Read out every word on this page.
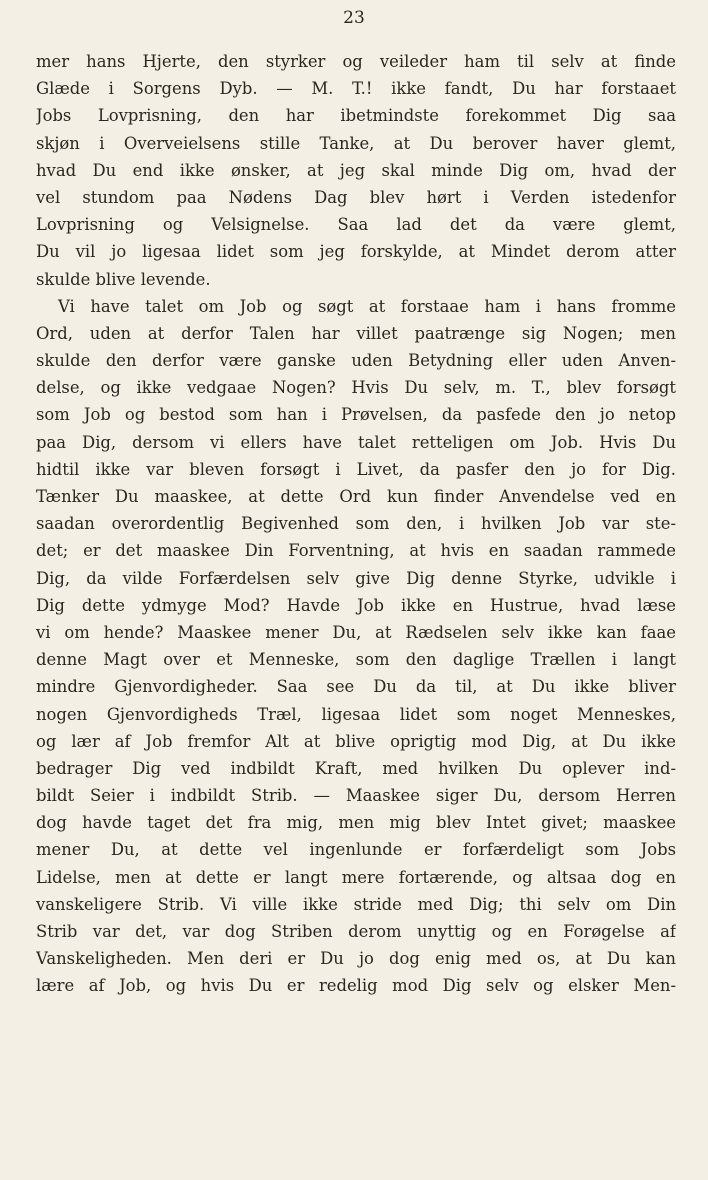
23
mer hans Hjerte, den styrker og veileder ham til selv at finde
Glæde i Sorgens Dyb. — M. T.! ikke fandt, Du har forstaaet
Jobs Lovprisning, den har ibetmindste forekommet Dig saa
skjøn i Overveielsens stille Tanke, at Du berover haver glemt,
hvad Du end ikke ønsker, at jeg skal minde Dig om, hvad der
vel stundom paa Nødens Dag blev hørt i Verden istedenfor
Lovprisning og Velsignelse. Saa lad det da være glemt,
Du vil jo ligesaa lidet som jeg forskylde, at Mindet derom atter
skulde blive levende.
Vi have talet om Job og søgt at forstaae ham i hans fromme
Ord, uden at derfor Talen har villet paatrænge sig Nogen; men
skulde den derfor være ganske uden Betydning eller uden Anven-
delse, og ikke vedgaae Nogen? Hvis Du selv, m. T., blev forsøgt
som Job og bestod som han i Prøvelsen, da pasfede den jo netop
paa Dig, dersom vi ellers have talet retteligen om Job. Hvis Du
hidtil ikke var bleven forsøgt i Livet, da pasfer den jo for Dig.
Tænker Du maaskee, at dette Ord kun finder Anvendelse ved en
saadan overordentlig Begivenhed som den, i hvilken Job var ste-
det; er det maaskee Din Forventning, at hvis en saadan rammede
Dig, da vilde Forfærdelsen selv give Dig denne Styrke, udvikle i
Dig dette ydmyge Mod? Havde Job ikke en Hustrue, hvad læse
vi om hende? Maaskee mener Du, at Rædselen selv ikke kan faae
denne Magt over et Menneske, som den daglige Trællen i langt
mindre Gjenvordigheder. Saa see Du da til, at Du ikke bliver
nogen Gjenvordigheds Træl, ligesaa lidet som noget Menneskes,
og lær af Job fremfor Alt at blive oprigtig mod Dig, at Du ikke
bedrager Dig ved indbildt Kraft, med hvilken Du oplever ind-
bildt Seier i indbildt Strib. — Maaskee siger Du, dersom Herren
dog havde taget det fra mig, men mig blev Intet givet; maaskee
mener Du, at dette vel ingenlunde er forfærdeligt som Jobs
Lidelse, men at dette er langt mere fortærende, og altsaa dog en
vanskeligere Strib. Vi ville ikke stride med Dig; thi selv om Din
Strib var det, var dog Striben derom unyttig og en Forøgelse af
Vanskeligheden. Men deri er Du jo dog enig med os, at Du kan
lære af Job, og hvis Du er redelig mod Dig selv og elsker Men-
